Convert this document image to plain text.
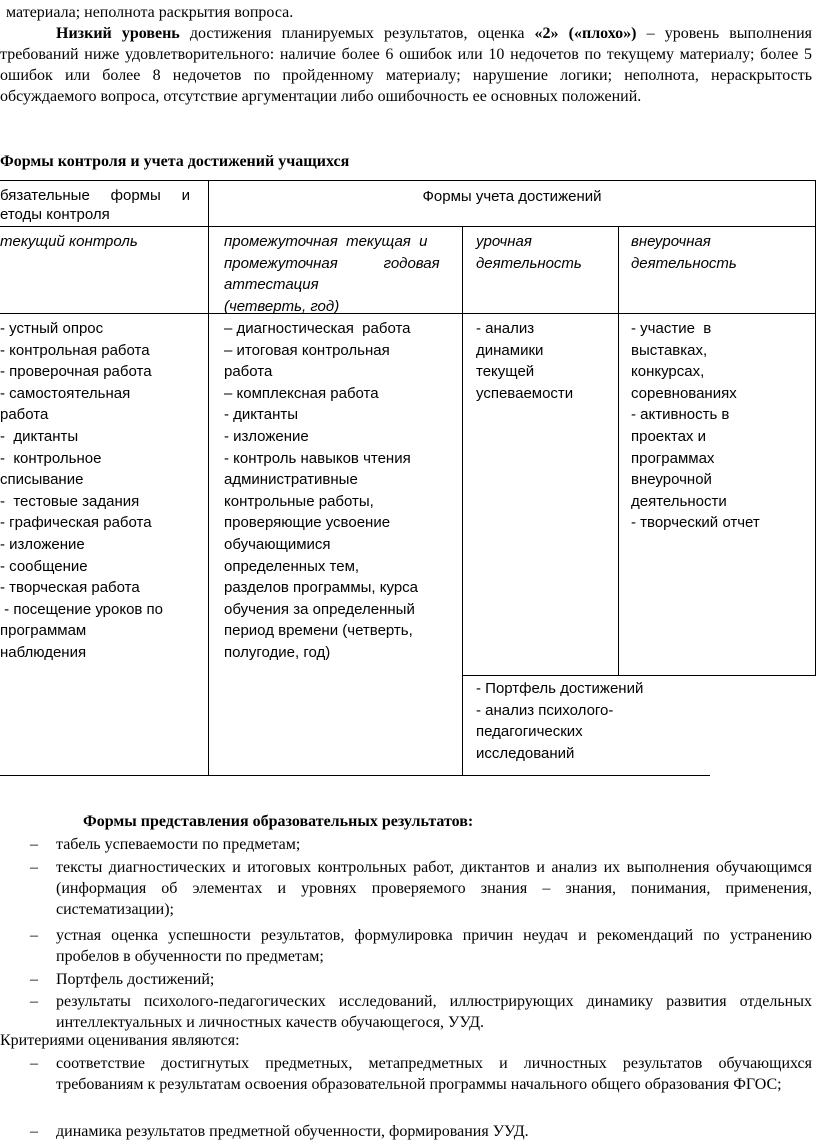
материала; неполнота раскрытия вопроса.
Низкий уровень достижения планируемых результатов, оценка «2» («плохо») – уровень выполнения требований ниже удовлетворительного: наличие более 6 ошибок или 10 недочетов по текущему материалу; более 5 ошибок или более 8 недочетов по пройденному материалу; нарушение логики; неполнота, нераскрытость обсуждаемого вопроса, отсутствие аргументации либо ошибочность ее основных положений.
Формы контроля и учета достижений учащихся
бязательные     формы     и
етоды контроля
Формы учета достижений
текущий контроль	промежуточная  текущая  и
промежуточная           годовая
аттестация
(четверть, год)
урочная
деятельность
внеурочная
деятельность
- устный опрос
- контрольная работа
- проверочная работа
- самостоятельная
работа
-  диктанты
-  контрольное
списывание
-  тестовые задания
- графическая работа
- изложение
- сообщение
- творческая работа
- посещение уроков по
программам
наблюдения
– диагностическая  работа
– итоговая контрольная
работа
– комплексная работа
- диктанты
- изложение
- контроль навыков чтения
административные
контрольные работы,
проверяющие усвоение
обучающимися
определенных тем,
разделов программы, курса
обучения за определенный
период времени (четверть,
полугодие, год)
- анализ
динамики
текущей
успеваемости
- участие  в
выставках,
конкурсах,
соревнованиях
- активность в
проектах и
программах
внеурочной
деятельности
- творческий отчет
- Портфель достижений
- анализ психолого-
педагогических
исследований
Формы представления образовательных результатов:
– табель успеваемости по предметам;
– тексты диагностических и итоговых контрольных работ, диктантов и анализ их выполнения обучающимся (информация об элементах и уровнях проверяемого знания – знания, понимания, применения, систематизации);
– устная оценка успешности результатов, формулировка причин неудач и рекомендаций по устранению пробелов в обученности по предметам;
– Портфель достижений;
– результаты психолого-педагогических исследований, иллюстрирующих динамику развития отдельных интеллектуальных и личностных качеств обучающегося, УУД.
Критериями оценивания являются:
– соответствие достигнутых предметных, метапредметных и личностных результатов обучающихся требованиям к результатам освоения образовательной программы начального общего образования ФГОС;
– динамика результатов предметной обученности, формирования УУД.
